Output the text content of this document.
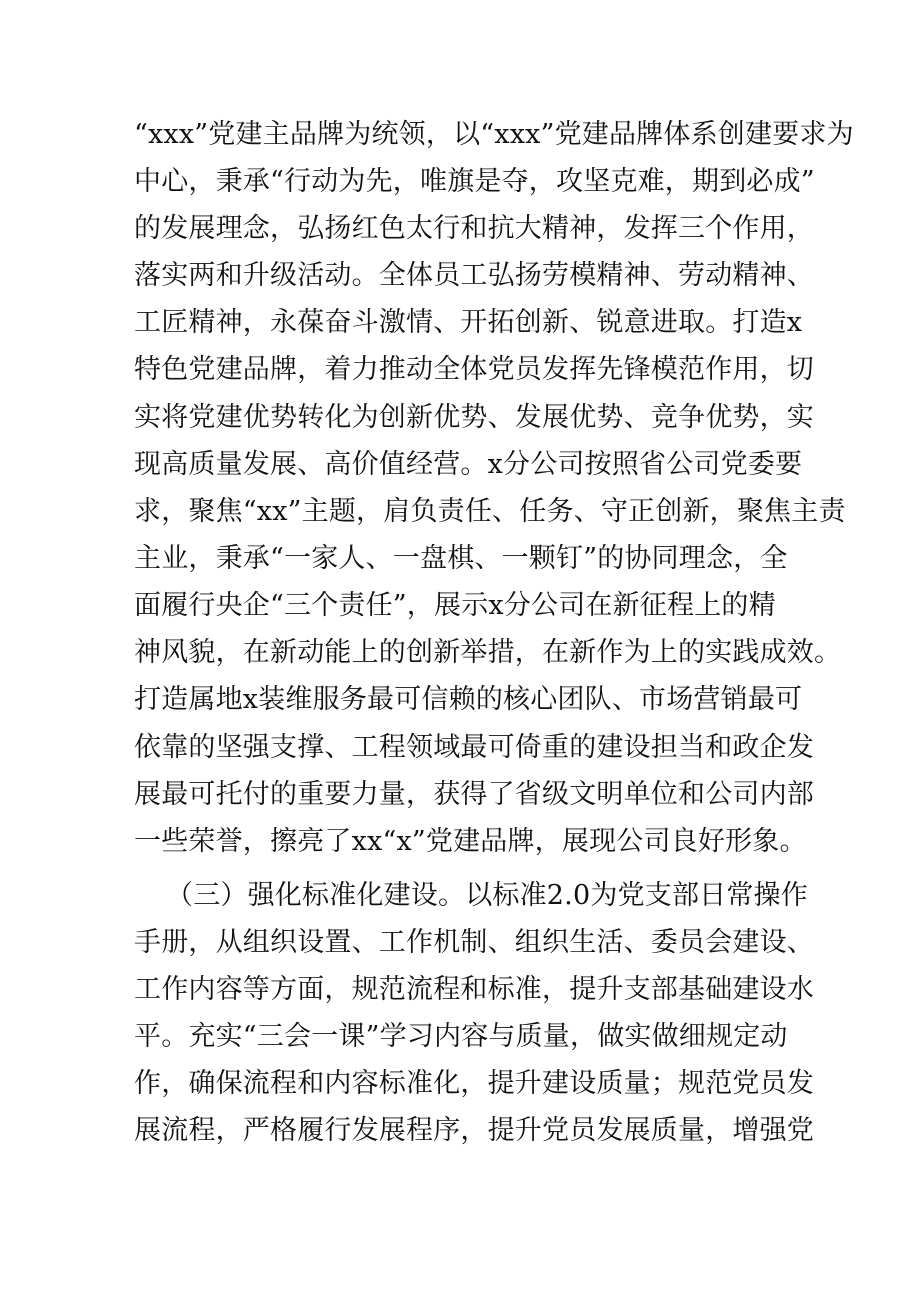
“xxx”党建主品牌为统领，以“xxx”党建品牌体系创建要求为
中心，秉承“行动为先，唯旗是夺，攻坚克难，期到必成”
的发展理念，弘扬红色太行和抗大精神，发挥三个作用，
落实两和升级活动。全体员工弘扬劳模精神、劳动精神、
工匠精神，永葆奋斗激情、开拓创新、锐意进取。打造x
特色党建品牌，着力推动全体党员发挥先锋模范作用，切
实将党建优势转化为创新优势、发展优势、竞争优势，实
现高质量发展、高价值经营。x分公司按照省公司党委要
求，聚焦“xx”主题，肩负责任、任务、守正创新，聚焦主责
主业，秉承“一家人、一盘棋、一颗钉”的协同理念，全
面履行央企“三个责任”，展示x分公司在新征程上的精
神风貌，在新动能上的创新举措，在新作为上的实践成效。
打造属地x装维服务最可信赖的核心团队、市场营销最可
依靠的坚强支撑、工程领域最可倚重的建设担当和政企发
展最可托付的重要力量，获得了省级文明单位和公司内部
一些荣誉，擦亮了xx“x”党建品牌，展现公司良好形象。
（三）强化标准化建设。以标准2.0为党支部日常操作
手册，从组织设置、工作机制、组织生活、委员会建设、
工作内容等方面，规范流程和标准，提升支部基础建设水
平。充实“三会一课”学习内容与质量，做实做细规定动
作，确保流程和内容标准化，提升建设质量；规范党员发
展流程，严格履行发展程序，提升党员发展质量，增强党
